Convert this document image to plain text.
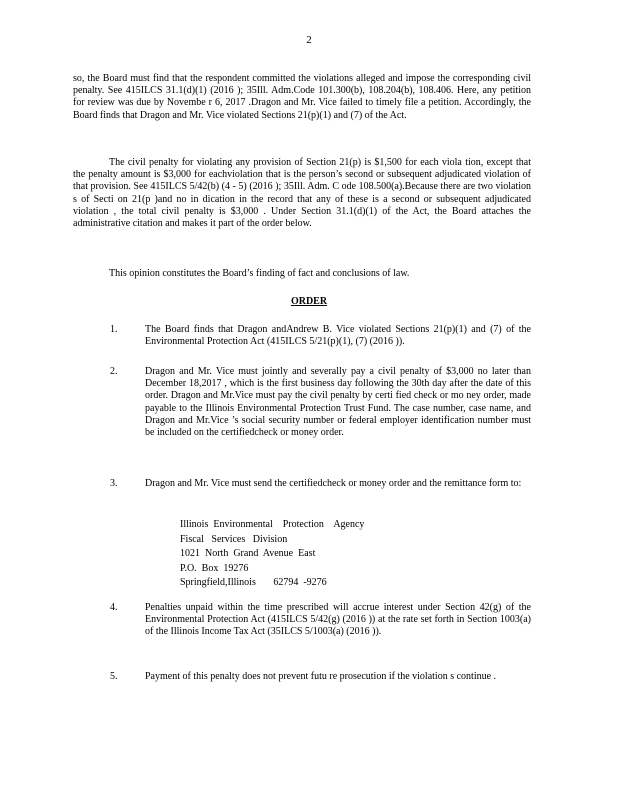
2

so, the Board must find that the respondent committed the violations alleged and impose the corresponding civil penalty. See 415ILCS 31.1(d)(1) (2016 ); 35Ill. Adm.Code 101.300(b), 108.204(b), 108.406. Here, any petition for review was due by Novembe r 6, 2017 .Dragon and Mr. Vice failed to timely file a petition. Accordingly, the Board finds that Dragon and Mr. Vice violated Sections 21(p)(1) and (7) of the Act.

The civil penalty for violating any provision of Section 21(p) is $1,500 for each viola tion, except that the penalty amount is $3,000 for eachviolation that is the person’s second or subsequent adjudicated violation of that provision. See 415ILCS 5/42(b) (4 - 5) (2016 ); 35Ill. Adm. C ode 108.500(a).Because there are two violation s of Secti on 21(p )and no in dication in the record that any of these is a second or subsequent adjudicated violation , the total civil penalty is $3,000 . Under Section 31.1(d)(1) of the Act, the Board attaches the administrative citation and makes it part of the order below.

This opinion constitutes the Board’s finding of fact and conclusions of law.

ORDER
1.	The Board finds that Dragon andAndrew B. Vice violated Sections 21(p)(1) and (7) of the Environmental Protection Act (415ILCS 5/21(p)(1), (7) (2016 )).
2.	Dragon and Mr. Vice must jointly and severally pay a civil penalty of $3,000 no later than December 18,2017 , which is the first business day following the 30th day after the date of this order. Dragon and Mr.Vice must pay the civil penalty by certi fied check or mo ney order, made payable to the Illinois Environmental Protection Trust Fund. The case number, case name, and Dragon and Mr.Vice ’s social security number or federal employer identification number must be included on the certifiedcheck or money order.
3.	Dragon and Mr. Vice must send the certifiedcheck or money order and the remittance form to:
Illinois  Environmental    Protection    Agency
Fiscal   Services   Division
1021  North  Grand  Avenue  East
P.O.  Box  19276
Springfield,Illinois       62794  -9276
4.	Penalties unpaid within the time prescribed will accrue interest under Section 42(g) of the Environmental Protection Act (415ILCS 5/42(g) (2016 )) at the rate set forth in Section 1003(a) of the Illinois Income Tax Act (35ILCS 5/1003(a) (2016 )).
5.	Payment of this penalty does not prevent futu re prosecution if the violation s continue .
